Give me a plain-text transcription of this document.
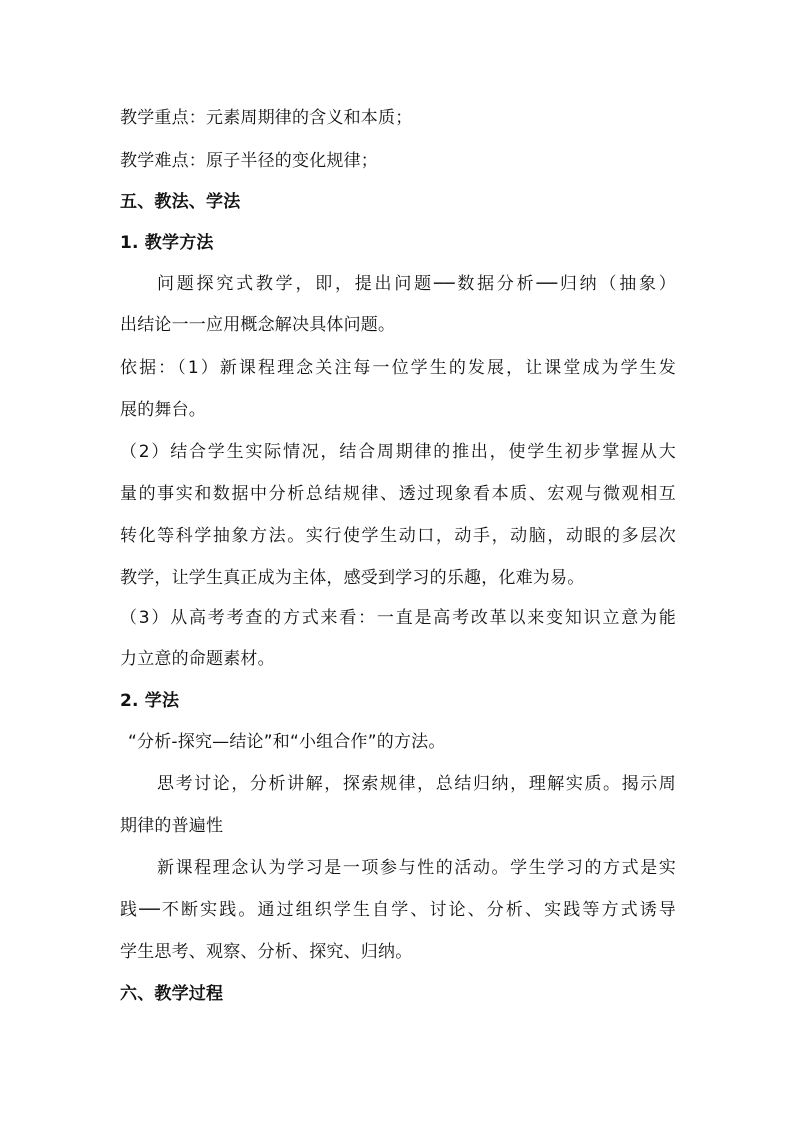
教学重点：元素周期律的含义和本质；
教学难点：原子半径的变化规律；
五、教法、学法
1. 教学方法
问题探究式教学，即，提出问题──数据分析──归纳（抽象）
出结论一一应用概念解决具体问题。
依据：（1）新课程理念关注每一位学生的发展，让课堂成为学生发
展的舞台。
（2）结合学生实际情况，结合周期律的推出，使学生初步掌握从大
量的事实和数据中分析总结规律、透过现象看本质、宏观与微观相互
转化等科学抽象方法。实行使学生动口，动手，动脑，动眼的多层次
教学，让学生真正成为主体，感受到学习的乐趣，化难为易。
（3）从高考考查的方式来看：一直是高考改革以来变知识立意为能
力立意的命题素材。
2. 学法
“分析-探究—结论”和“小组合作”的方法。
思考讨论，分析讲解，探索规律，总结归纳，理解实质。揭示周
期律的普遍性
新课程理念认为学习是一项参与性的活动。学生学习的方式是实
践──不断实践。通过组织学生自学、讨论、分析、实践等方式诱导
学生思考、观察、分析、探究、归纳。
六、教学过程
